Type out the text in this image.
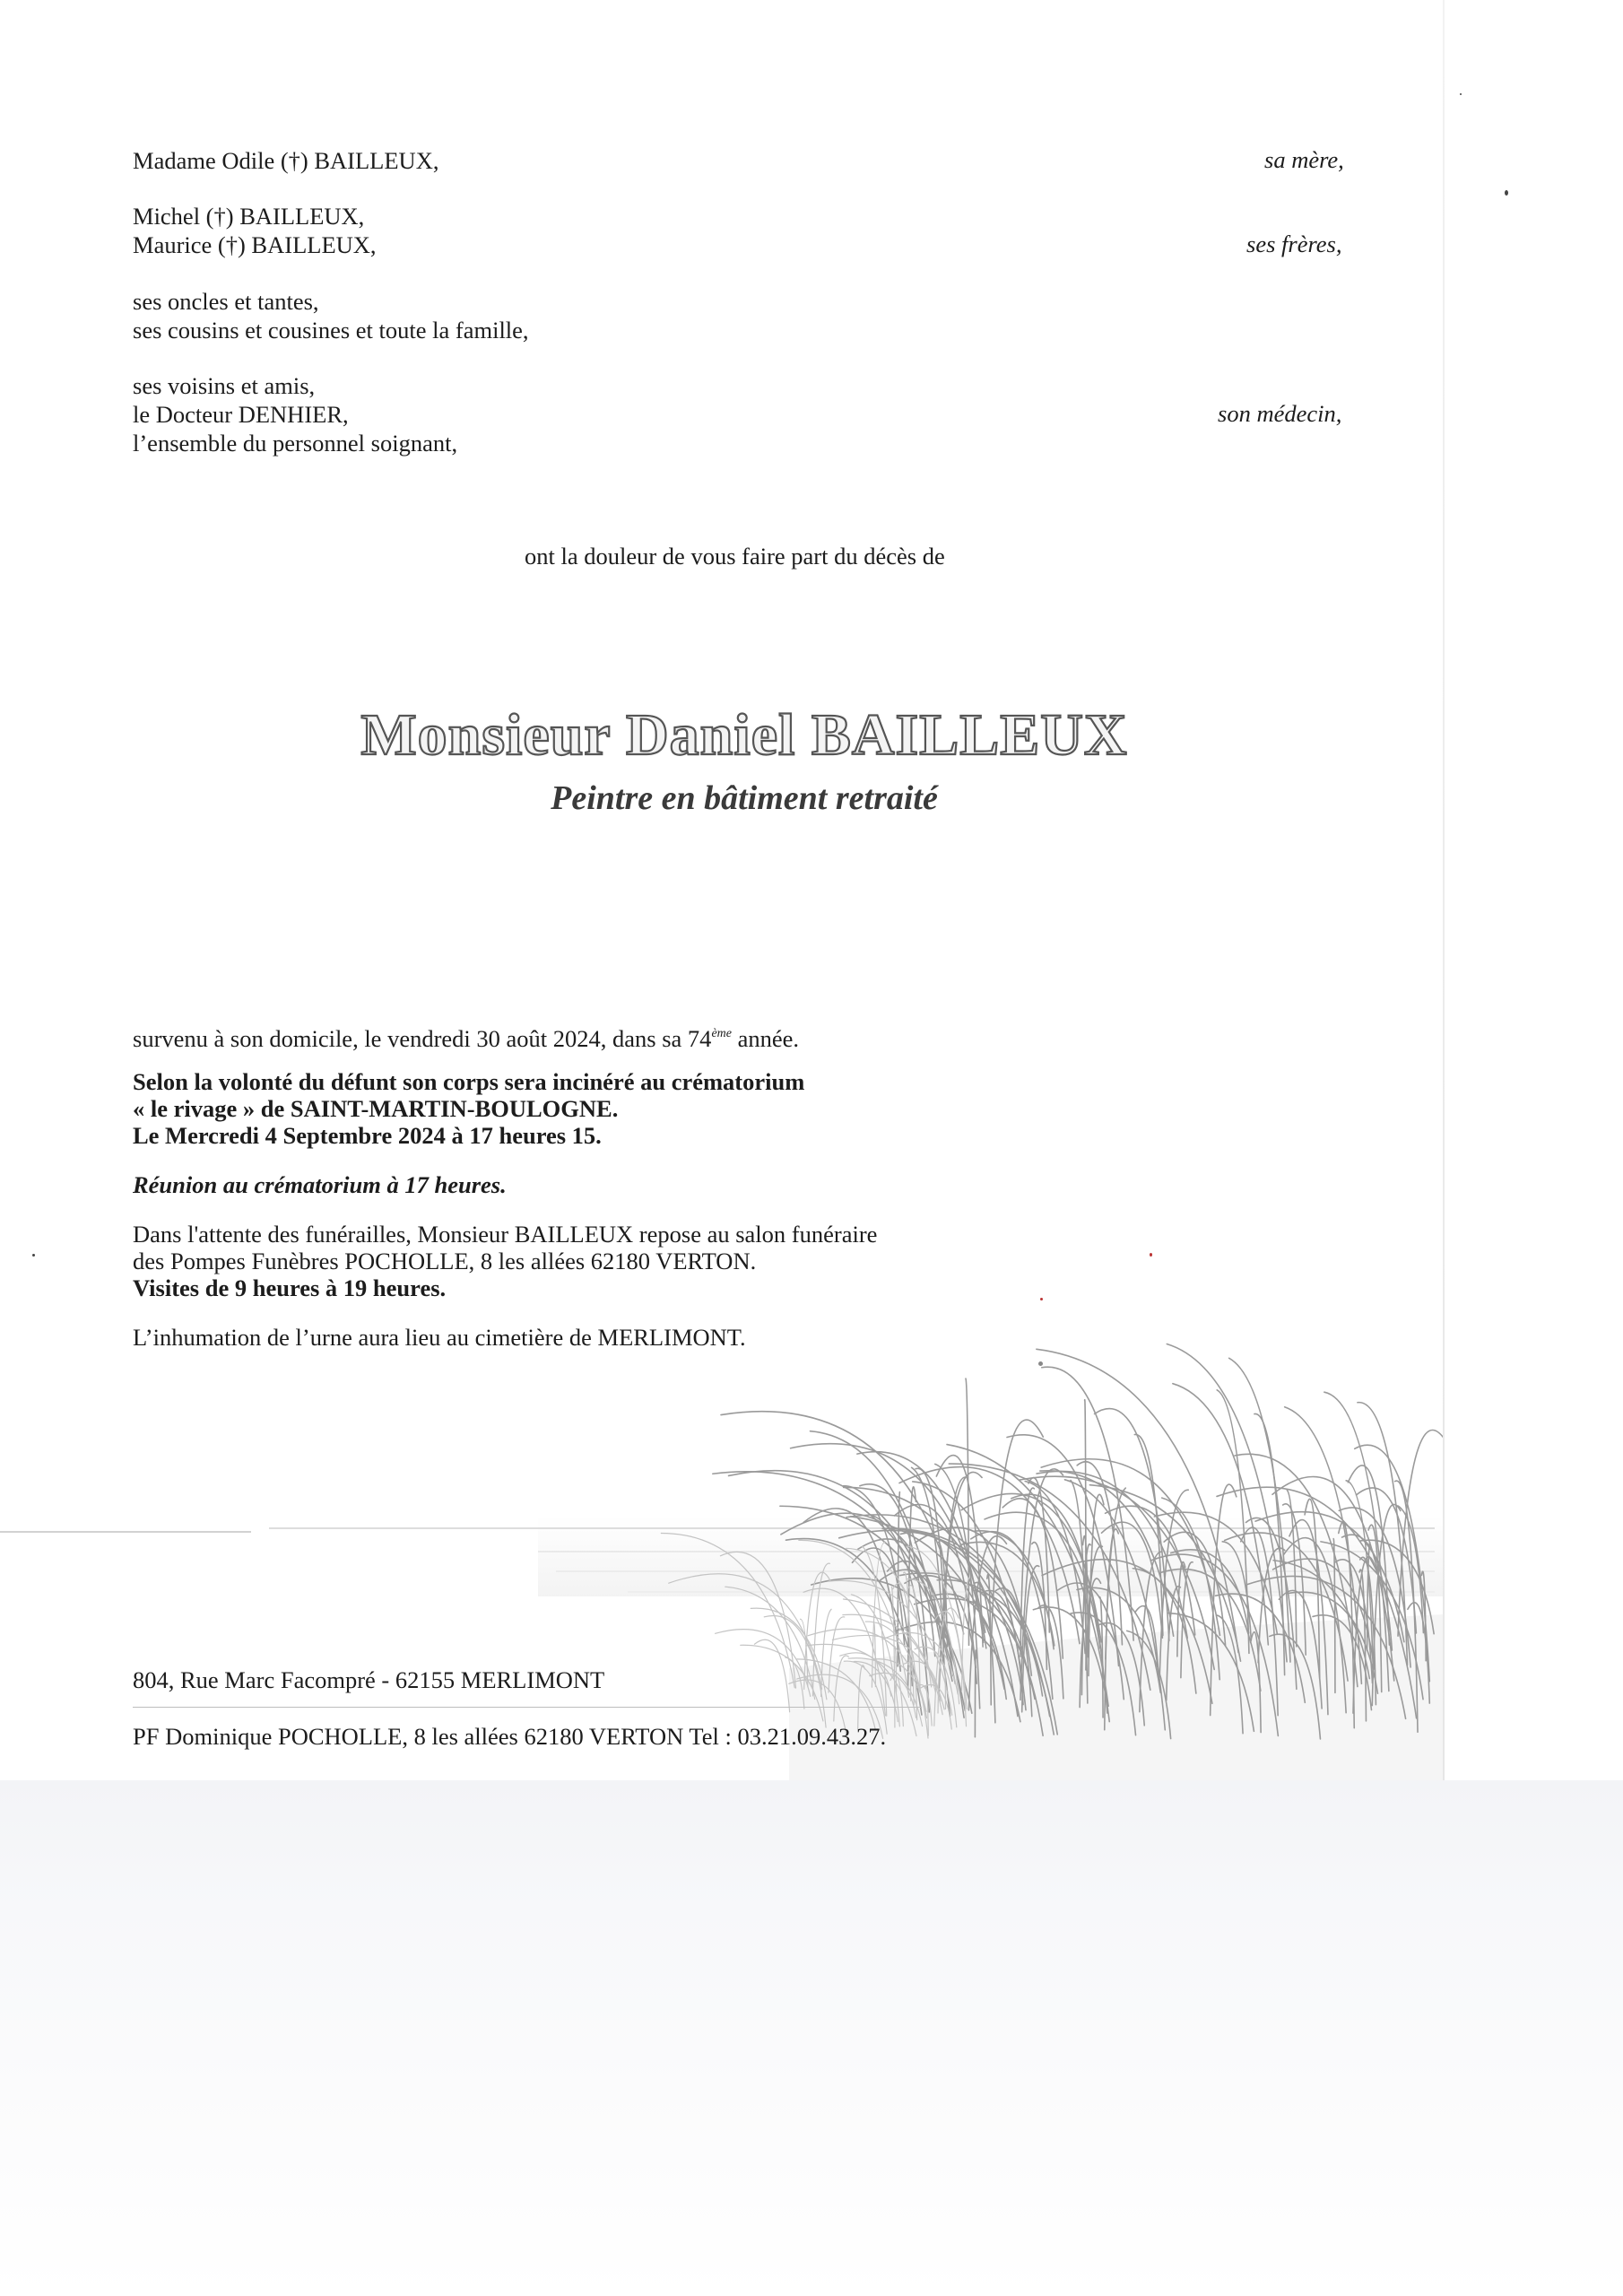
Madame Odile (†) BAILLEUX,	sa mère,
Michel (†) BAILLEUX,
Maurice (†) BAILLEUX,	ses frères,
ses oncles et tantes,
ses cousins et cousines et toute la famille,
ses voisins et amis,
le Docteur DENHIER,	son médecin,
l’ensemble du personnel soignant,
ont la douleur de vous faire part du décès de
Monsieur Daniel BAILLEUX
Peintre en bâtiment retraité
survenu à son domicile, le vendredi 30 août 2024, dans sa 74ème année.
Selon la volonté du défunt son corps sera incinéré au crématorium
« le rivage » de SAINT-MARTIN-BOULOGNE.
Le Mercredi 4 Septembre 2024 à 17 heures 15.
Réunion au crématorium à 17 heures.
Dans l'attente des funérailles, Monsieur BAILLEUX repose au salon funéraire
des Pompes Funèbres POCHOLLE, 8 les allées 62180 VERTON.
Visites de 9 heures à 19 heures.
L’inhumation de l’urne aura lieu au cimetière de MERLIMONT.
804, Rue Marc Facompré - 62155 MERLIMONT
PF Dominique POCHOLLE, 8 les allées 62180 VERTON Tel : 03.21.09.43.27.
